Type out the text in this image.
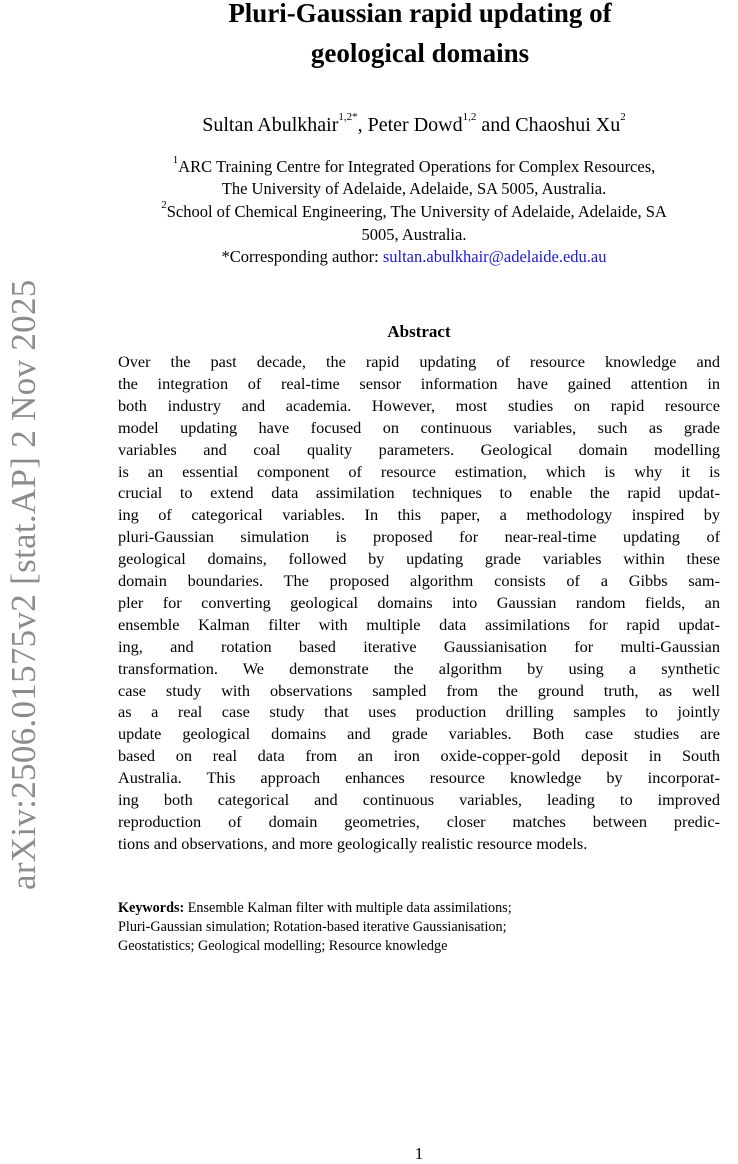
arXiv:2506.01575v2 [stat.AP] 2 Nov 2025
Pluri-Gaussian rapid updating of
geological domains
Sultan Abulkhair$^{1,2*}$, Peter Dowd$^{1,2}$ and Chaoshui Xu$^2$
$^1$ARC Training Centre for Integrated Operations for Complex Resources,
The University of Adelaide, Adelaide, SA 5005, Australia.
$^2$School of Chemical Engineering, The University of Adelaide, Adelaide, SA
5005, Australia.
*Corresponding author: sultan.abulkhair@adelaide.edu.au
Abstract
Over the past decade, the rapid updating of resource knowledge and
the integration of real-time sensor information have gained attention in
both industry and academia. However, most studies on rapid resource
model updating have focused on continuous variables, such as grade
variables and coal quality parameters. Geological domain modelling
is an essential component of resource estimation, which is why it is
crucial to extend data assimilation techniques to enable the rapid updat-
ing of categorical variables. In this paper, a methodology inspired by
pluri-Gaussian simulation is proposed for near-real-time updating of
geological domains, followed by updating grade variables within these
domain boundaries. The proposed algorithm consists of a Gibbs sam-
pler for converting geological domains into Gaussian random fields, an
ensemble Kalman filter with multiple data assimilations for rapid updat-
ing, and rotation based iterative Gaussianisation for multi-Gaussian
transformation. We demonstrate the algorithm by using a synthetic
case study with observations sampled from the ground truth, as well
as a real case study that uses production drilling samples to jointly
update geological domains and grade variables. Both case studies are
based on real data from an iron oxide-copper-gold deposit in South
Australia. This approach enhances resource knowledge by incorporat-
ing both categorical and continuous variables, leading to improved
reproduction of domain geometries, closer matches between predic-
tions and observations, and more geologically realistic resource models.
Keywords: Ensemble Kalman filter with multiple data assimilations;
Pluri-Gaussian simulation; Rotation-based iterative Gaussianisation;
Geostatistics; Geological modelling; Resource knowledge
1
